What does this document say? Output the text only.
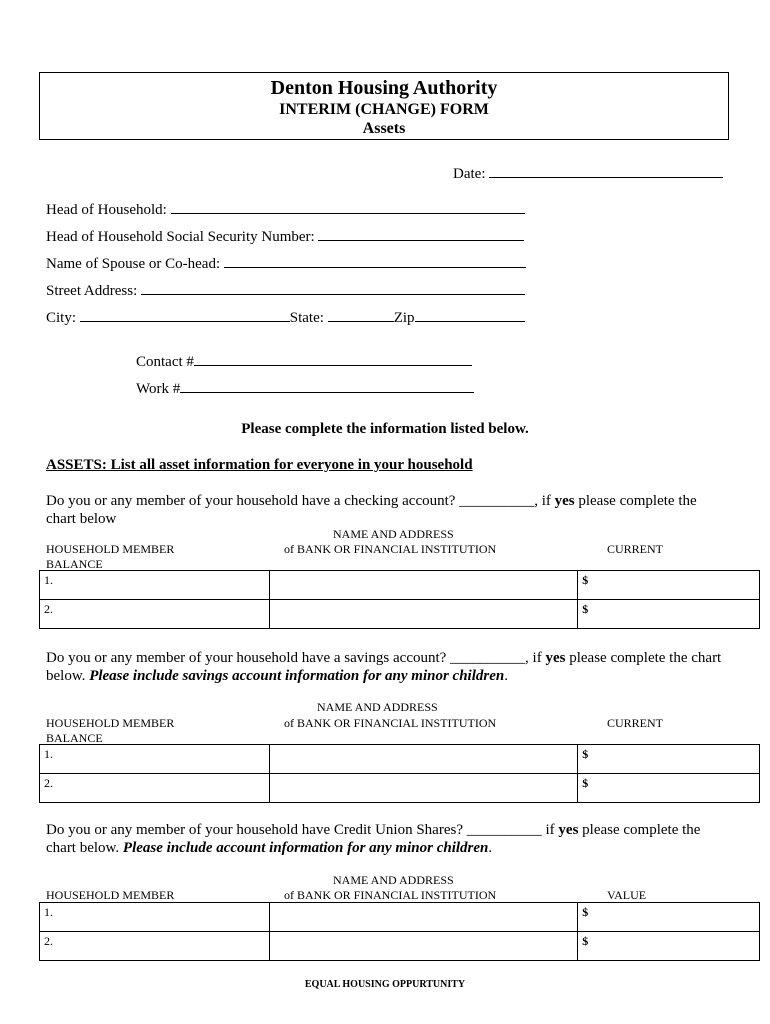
Denton Housing Authority
INTERIM (CHANGE) FORM
Assets
Date:
Head of Household:
Head of Household Social Security Number:
Name of Spouse or Co-head:
Street Address:
City:	State:	Zip
Contact #
Work #
Please complete the information listed below.
ASSETS: List all asset information for everyone in your household
Do you or any member of your household have a checking account? __________, if yes please complete the chart below
NAME AND ADDRESS
HOUSEHOLD MEMBER	of BANK OR FINANCIAL INSTITUTION	CURRENT
BALANCE
1.		$
2.		$
Do you or any member of your household have a savings account? __________, if yes please complete the chart below. Please include savings account information for any minor children.
NAME AND ADDRESS
HOUSEHOLD MEMBER	of BANK OR FINANCIAL INSTITUTION	CURRENT
BALANCE
1.		$
2.		$
Do you or any member of your household have Credit Union Shares? __________ if yes please complete the chart below. Please include account information for any minor children.
NAME AND ADDRESS
HOUSEHOLD MEMBER	of BANK OR FINANCIAL INSTITUTION	VALUE
1.		$
2.		$
EQUAL HOUSING OPPURTUNITY
